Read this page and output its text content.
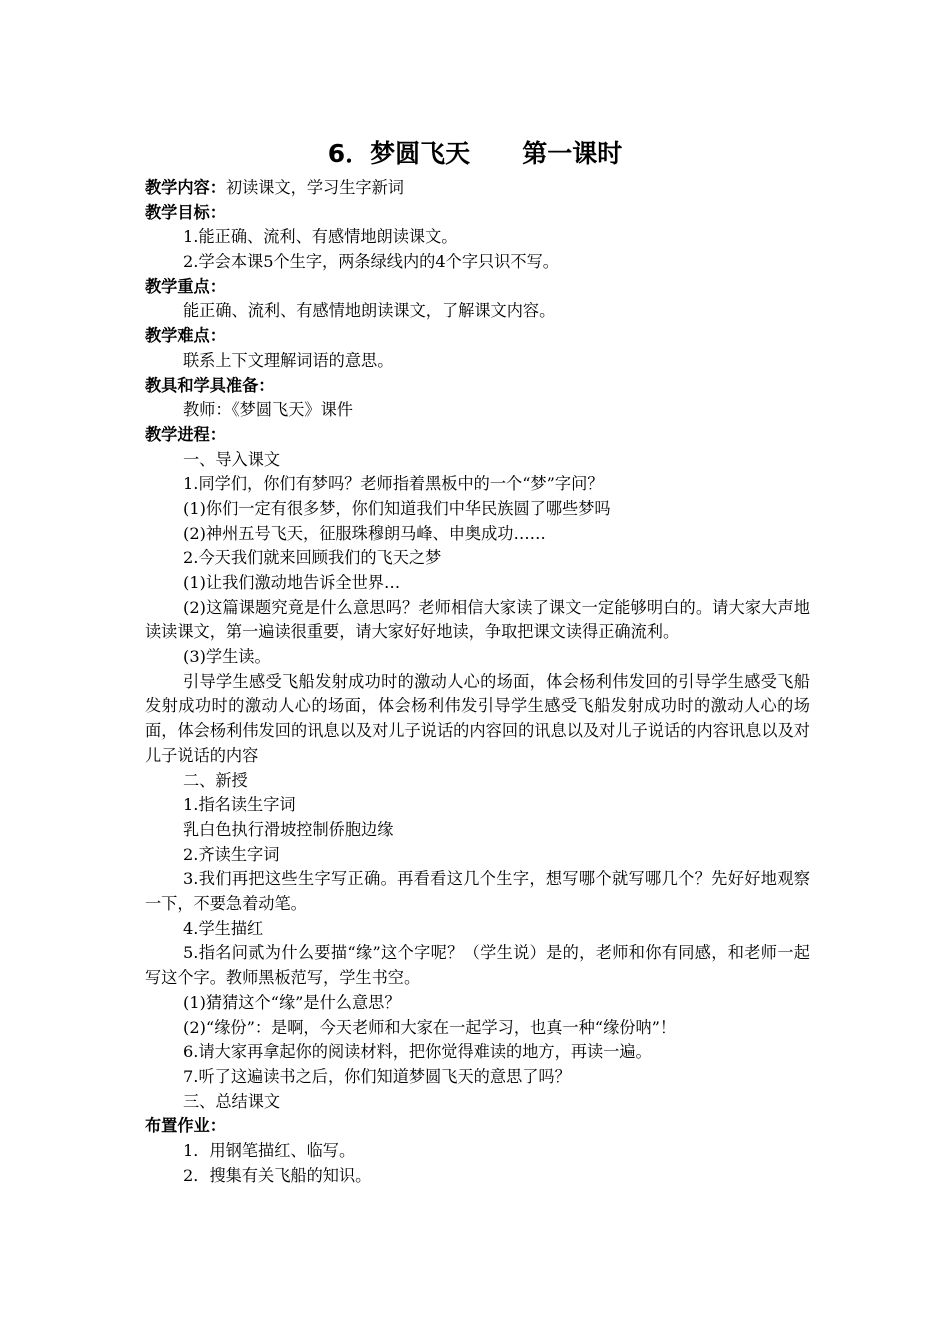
6．梦圆飞天      第一课时
教学内容：初读课文，学习生字新词
教学目标：
1.能正确、流利、有感情地朗读课文。
2.学会本课5个生字，两条绿线内的4个字只识不写。
教学重点：
能正确、流利、有感情地朗读课文，了解课文内容。
教学难点：
联系上下文理解词语的意思。
教具和学具准备：
教师：《梦圆飞天》课件
教学进程：
一、导入课文
1.同学们，你们有梦吗？老师指着黑板中的一个“梦”字问？
(1)你们一定有很多梦，你们知道我们中华民族圆了哪些梦吗
(2)神州五号飞天，征服珠穆朗马峰、申奥成功……
2.今天我们就来回顾我们的飞天之梦
(1)让我们激动地告诉全世界…
(2)这篇课题究竟是什么意思吗？老师相信大家读了课文一定能够明白的。请大家大声地读读课文，第一遍读很重要，请大家好好地读，争取把课文读得正确流利。
(3)学生读。
引导学生感受飞船发射成功时的激动人心的场面，体会杨利伟发回的引导学生感受飞船发射成功时的激动人心的场面，体会杨利伟发引导学生感受飞船发射成功时的激动人心的场面，体会杨利伟发回的讯息以及对儿子说话的内容回的讯息以及对儿子说话的内容讯息以及对儿子说话的内容
二、新授
1.指名读生字词
乳白色执行滑坡控制侨胞边缘
2.齐读生字词
3.我们再把这些生字写正确。再看看这几个生字，想写哪个就写哪几个？先好好地观察一下，不要急着动笔。
4.学生描红
5.指名问贰为什么要描“缘”这个字呢？（学生说）是的，老师和你有同感，和老师一起写这个字。教师黑板范写，学生书空。
(1)猜猜这个“缘”是什么意思？
(2)“缘份”：是啊，今天老师和大家在一起学习，也真一种“缘份呐”！
6.请大家再拿起你的阅读材料，把你觉得难读的地方，再读一遍。
7.听了这遍读书之后，你们知道梦圆飞天的意思了吗？
三、总结课文
布置作业：
1．用钢笔描红、临写。
2．搜集有关飞船的知识。
